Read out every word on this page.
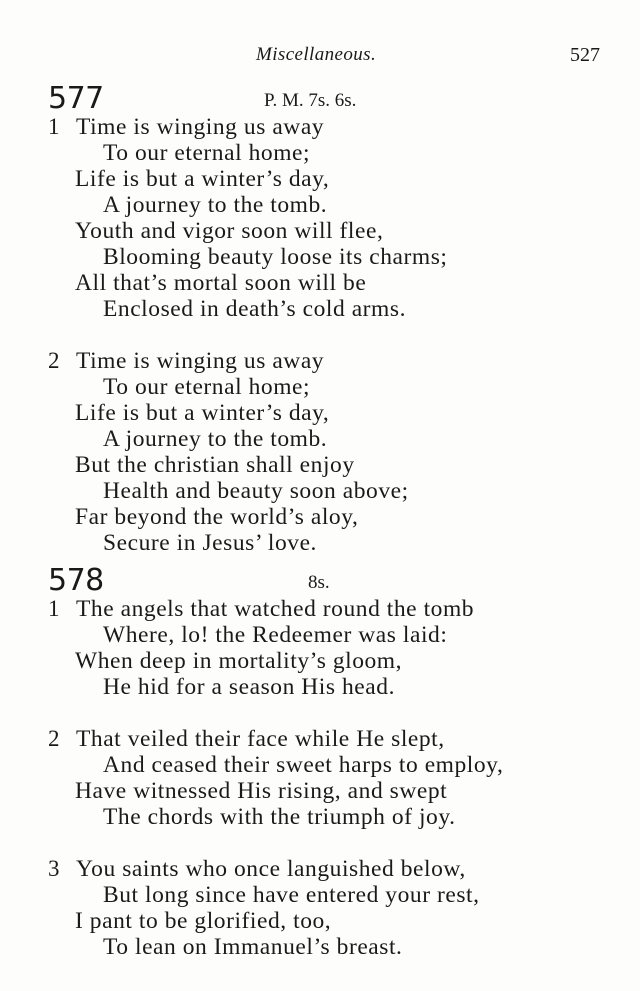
Miscellaneous.	527
577	P. M. 7s. 6s.
1 Time is winging us away
To our eternal home;
Life is but a winter’s day,
A journey to the tomb.
Youth and vigor soon will flee,
Blooming beauty loose its charms;
All that’s mortal soon will be
Enclosed in death’s cold arms.
2 Time is winging us away
To our eternal home;
Life is but a winter’s day,
A journey to the tomb.
But the christian shall enjoy
Health and beauty soon above;
Far beyond the world’s aloy,
Secure in Jesus’ love.
578	8s.
1 The angels that watched round the tomb
Where, lo! the Redeemer was laid:
When deep in mortality’s gloom,
He hid for a season His head.
2 That veiled their face while He slept,
And ceased their sweet harps to employ,
Have witnessed His rising, and swept
The chords with the triumph of joy.
3 You saints who once languished below,
But long since have entered your rest,
I pant to be glorified, too,
To lean on Immanuel’s breast.
